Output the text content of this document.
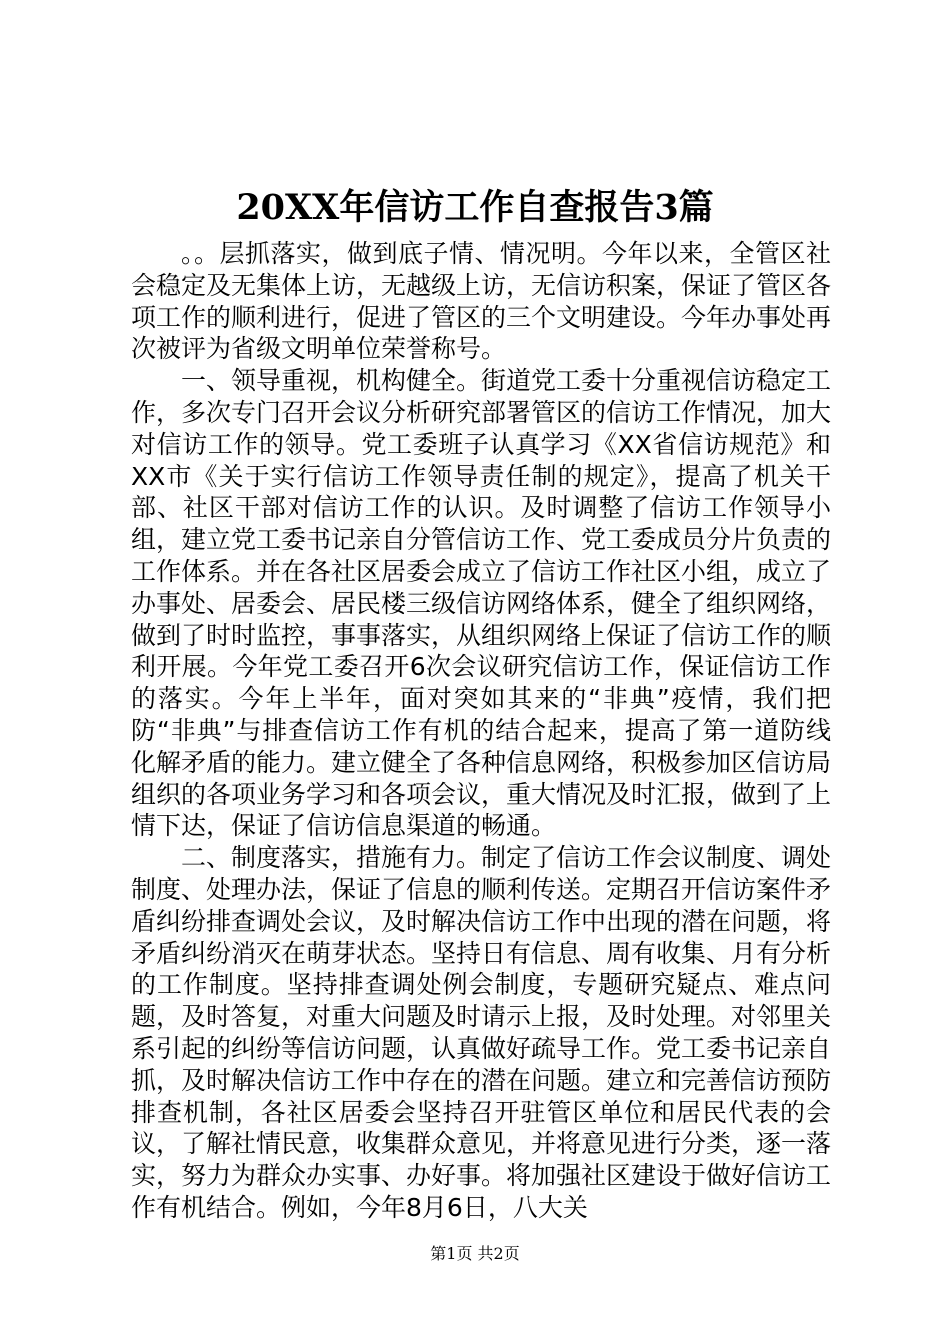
20XX年信访工作自查报告3篇

。。层抓落实，做到底子情、情况明。今年以来，全管区社会稳定及无集体上访，无越级上访，无信访积案，保证了管区各项工作的顺利进行，促进了管区的三个文明建设。今年办事处再次被评为省级文明单位荣誉称号。

一、领导重视，机构健全。街道党工委十分重视信访稳定工作，多次专门召开会议分析研究部署管区的信访工作情况，加大对信访工作的领导。党工委班子认真学习《XX省信访规范》和XX市《关于实行信访工作领导责任制的规定》，提高了机关干部、社区干部对信访工作的认识。及时调整了信访工作领导小组，建立党工委书记亲自分管信访工作、党工委成员分片负责的工作体系。并在各社区居委会成立了信访工作社区小组，成立了办事处、居委会、居民楼三级信访网络体系，健全了组织网络，做到了时时监控，事事落实，从组织网络上保证了信访工作的顺利开展。今年党工委召开6次会议研究信访工作，保证信访工作的落实。今年上半年，面对突如其来的“非典”疫情，我们把防“非典”与排查信访工作有机的结合起来，提高了第一道防线化解矛盾的能力。建立健全了各种信息网络，积极参加区信访局组织的各项业务学习和各项会议，重大情况及时汇报，做到了上情下达，保证了信访信息渠道的畅通。

二、制度落实，措施有力。制定了信访工作会议制度、调处制度、处理办法，保证了信息的顺利传送。定期召开信访案件矛盾纠纷排查调处会议，及时解决信访工作中出现的潜在问题，将矛盾纠纷消灭在萌芽状态。坚持日有信息、周有收集、月有分析的工作制度。坚持排查调处例会制度，专题研究疑点、难点问题，及时答复，对重大问题及时请示上报，及时处理。对邻里关系引起的纠纷等信访问题，认真做好疏导工作。党工委书记亲自抓，及时解决信访工作中存在的潜在问题。建立和完善信访预防排查机制，各社区居委会坚持召开驻管区单位和居民代表的会议，了解社情民意，收集群众意见，并将意见进行分类，逐一落实，努力为群众办实事、办好事。将加强社区建设于做好信访工作有机结合。例如，今年8月6日，八大关

第1页 共2页
